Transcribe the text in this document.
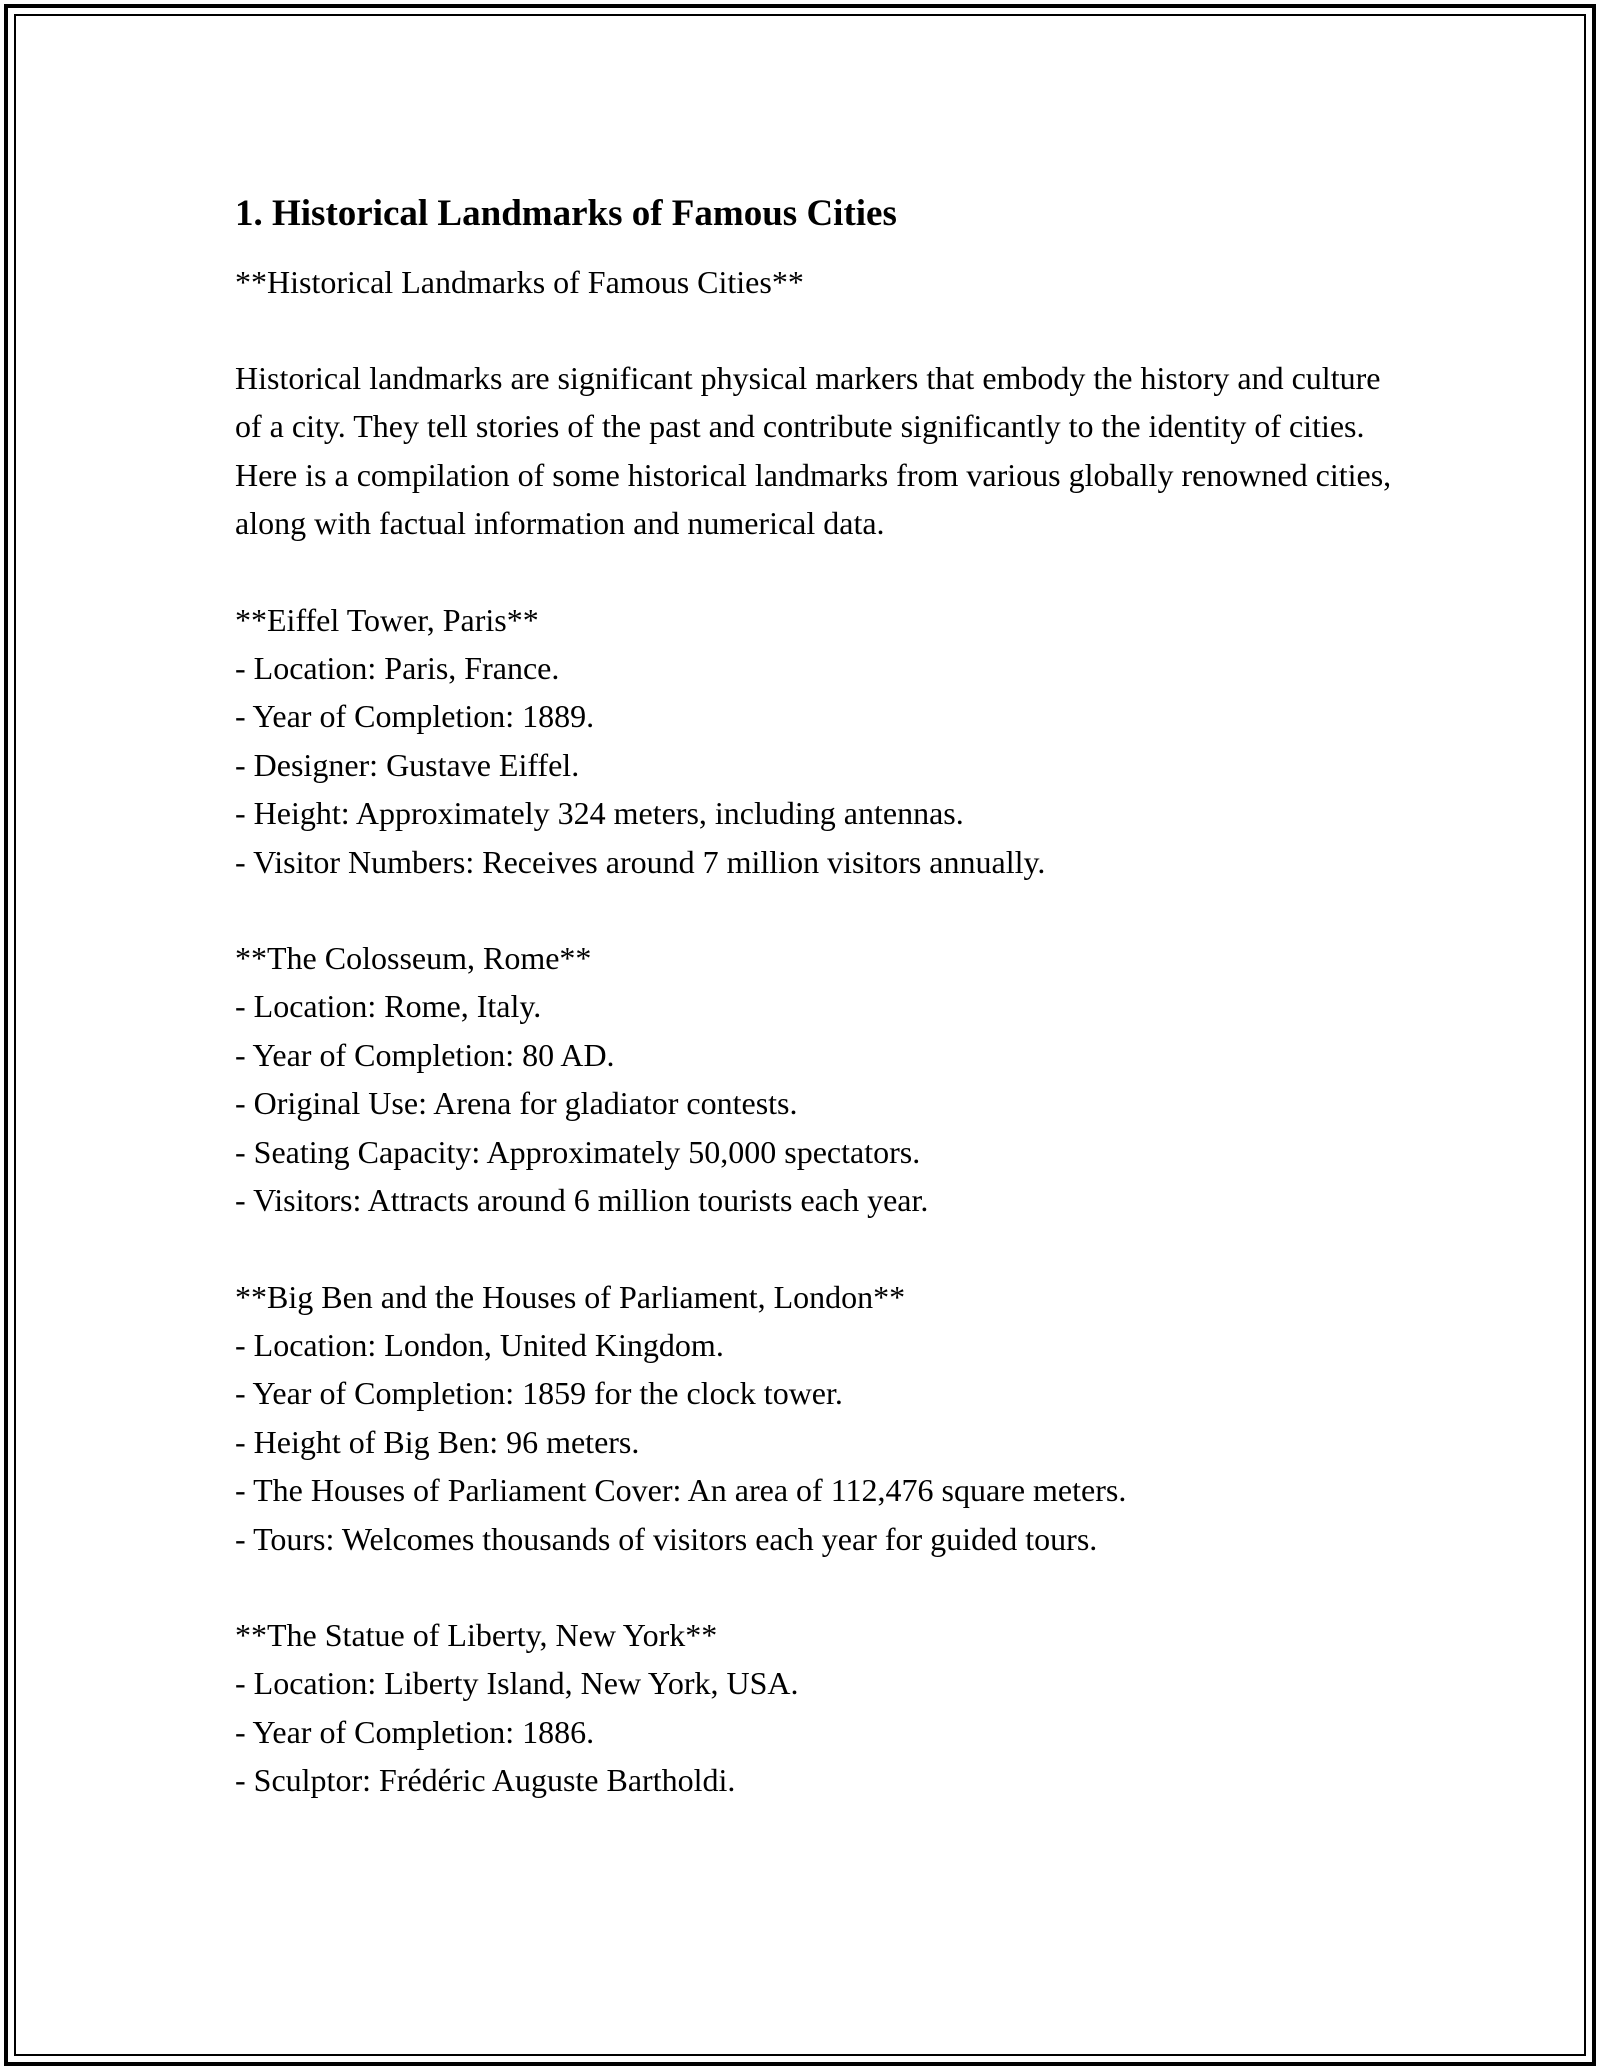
1. Historical Landmarks of Famous Cities

**Historical Landmarks of Famous Cities**

Historical landmarks are significant physical markers that embody the history and culture of a city. They tell stories of the past and contribute significantly to the identity of cities. Here is a compilation of some historical landmarks from various globally renowned cities, along with factual information and numerical data.

**Eiffel Tower, Paris**
- Location: Paris, France.
- Year of Completion: 1889.
- Designer: Gustave Eiffel.
- Height: Approximately 324 meters, including antennas.
- Visitor Numbers: Receives around 7 million visitors annually.
**The Colosseum, Rome**
- Location: Rome, Italy.
- Year of Completion: 80 AD.
- Original Use: Arena for gladiator contests.
- Seating Capacity: Approximately 50,000 spectators.
- Visitors: Attracts around 6 million tourists each year.
**Big Ben and the Houses of Parliament, London**
- Location: London, United Kingdom.
- Year of Completion: 1859 for the clock tower.
- Height of Big Ben: 96 meters.
- The Houses of Parliament Cover: An area of 112,476 square meters.
- Tours: Welcomes thousands of visitors each year for guided tours.
**The Statue of Liberty, New York**
- Location: Liberty Island, New York, USA.
- Year of Completion: 1886.
- Sculptor: Frédéric Auguste Bartholdi.
